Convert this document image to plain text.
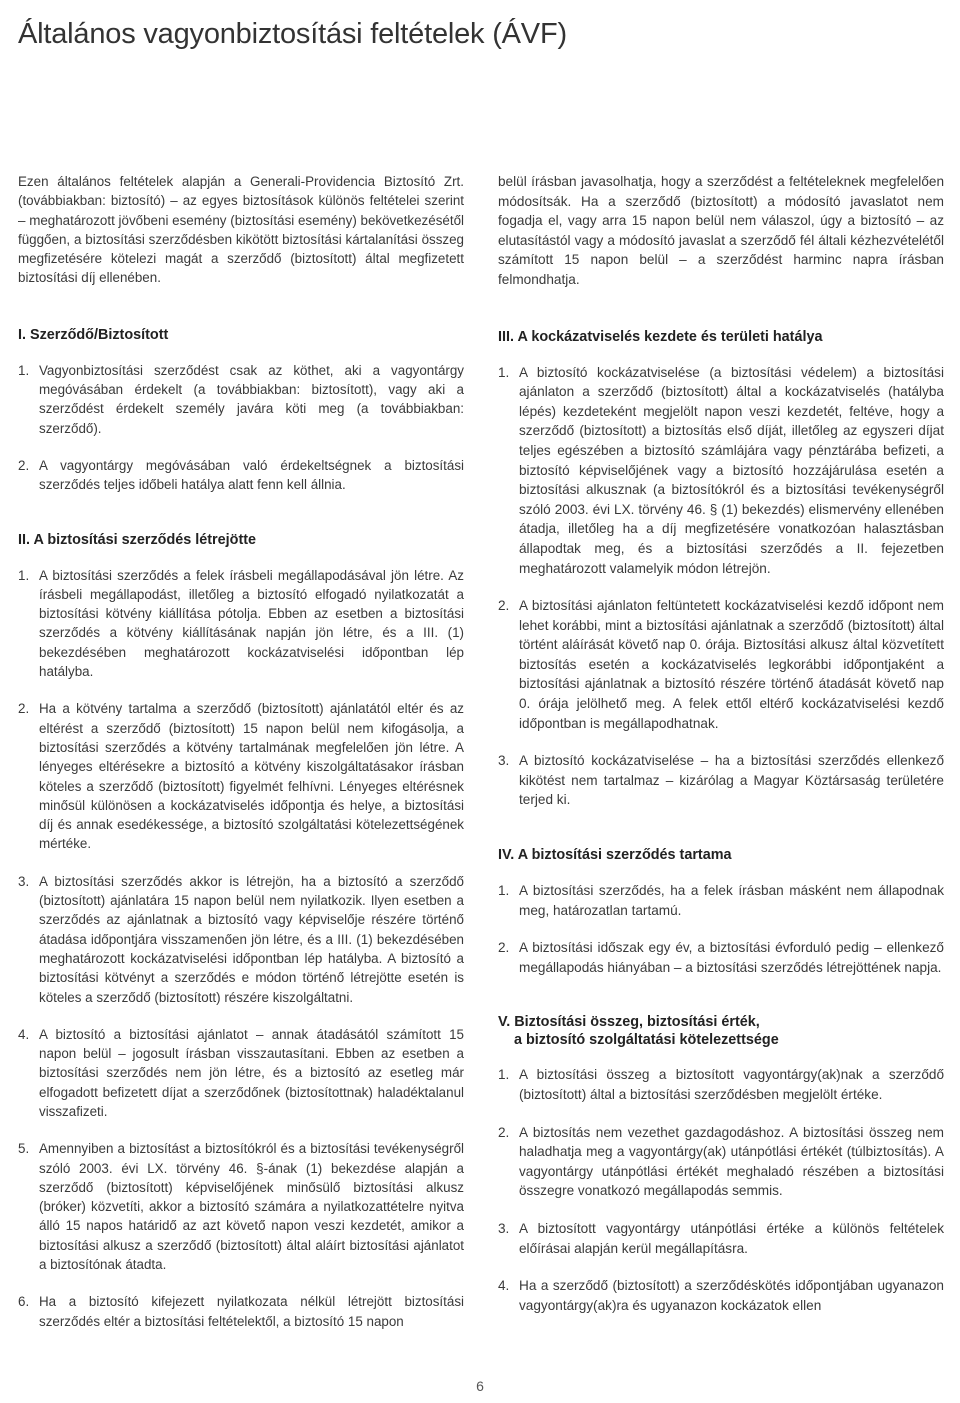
Általános vagyonbiztosítási feltételek (ÁVF)

Ezen általános feltételek alapján a Generali-Providencia Biztosító Zrt. (továbbiakban: biztosító) – az egyes biztosítások különös feltételei szerint – meghatározott jövőbeni esemény (biztosítási esemény) bekövetkezésétől függően, a biztosítási szerződésben kikötött biztosítási kártalanítási összeg megfizetésére kötelezi magát a szerződő (biztosított) által megfizetett biztosítási díj ellenében.

I. Szerződő/Biztosított
1. Vagyonbiztosítási szerződést csak az köthet, aki a vagyontárgy megóvásában érdekelt (a továbbiakban: biztosított), vagy aki a szerződést érdekelt személy javára köti meg (a továbbiakban: szerződő).
2. A vagyontárgy megóvásában való érdekeltségnek a biztosítási szerződés teljes időbeli hatálya alatt fenn kell állnia.
II. A biztosítási szerződés létrejötte
1. A biztosítási szerződés a felek írásbeli megállapodásával jön létre. Az írásbeli megállapodást, illetőleg a biztosító elfogadó nyilatkozatát a biztosítási kötvény kiállítása pótolja. Ebben az esetben a biztosítási szerződés a kötvény kiállításának napján jön létre, és a III. (1) bekezdésében meghatározott kockázatviselési időpontban lép hatályba.
2. Ha a kötvény tartalma a szerződő (biztosított) ajánlatától eltér és az eltérést a szerződő (biztosított) 15 napon belül nem kifogásolja, a biztosítási szerződés a kötvény tartalmának megfelelően jön létre. A lényeges eltérésekre a biztosító a kötvény kiszolgáltatásakor írásban köteles a szerződő (biztosított) figyelmét felhívni. Lényeges eltérésnek minősül különösen a kockázatviselés időpontja és helye, a biztosítási díj és annak esedékessége, a biztosító szolgáltatási kötelezettségének mértéke.
3. A biztosítási szerződés akkor is létrejön, ha a biztosító a szerződő (biztosított) ajánlatára 15 napon belül nem nyilatkozik. Ilyen esetben a szerződés az ajánlatnak a biztosító vagy képviselője részére történő átadása időpontjára visszamenően jön létre, és a III. (1) bekezdésében meghatározott kockázatviselési időpontban lép hatályba. A biztosító a biztosítási kötvényt a szerződés e módon történő létrejötte esetén is köteles a szerződő (biztosított) részére kiszolgáltatni.
4. A biztosító a biztosítási ajánlatot – annak átadásától számított 15 napon belül – jogosult írásban visszautasítani. Ebben az esetben a biztosítási szerződés nem jön létre, és a biztosító az esetleg már elfogadott befizetett díjat a szerződőnek (biztosítottnak) haladéktalanul visszafizeti.
5. Amennyiben a biztosítást a biztosítókról és a biztosítási tevékenységről szóló 2003. évi LX. törvény 46. §-ának (1) bekezdése alapján a szerződő (biztosított) képviselőjének minősülő biztosítási alkusz (bróker) közvetíti, akkor a biztosító számára a nyilatkozattételre nyitva álló 15 napos határidő az azt követő napon veszi kezdetét, amikor a biztosítási alkusz a szerződő (biztosított) által aláírt biztosítási ajánlatot a biztosítónak átadta.
6. Ha a biztosító kifejezett nyilatkozata nélkül létrejött biztosítási szerződés eltér a biztosítási feltételektől, a biztosító 15 napon

belül írásban javasolhatja, hogy a szerződést a feltételeknek megfelelően módosítsák. Ha a szerződő (biztosított) a módosító javaslatot nem fogadja el, vagy arra 15 napon belül nem válaszol, úgy a biztosító – az elutasítástól vagy a módosító javaslat a szerződő fél általi kézhezvételétől számított 15 napon belül – a szerződést harminc napra írásban felmondhatja.

III. A kockázatviselés kezdete és területi hatálya
1. A biztosító kockázatviselése (a biztosítási védelem) a biztosítási ajánlaton a szerződő (biztosított) által a kockázatviselés (hatályba lépés) kezdeteként megjelölt napon veszi kezdetét, feltéve, hogy a szerződő (biztosított) a biztosítás első díját, illetőleg az egyszeri díjat teljes egészében a biztosító számlájára vagy pénztárába befizeti, a biztosító képviselőjének vagy a biztosító hozzájárulása esetén a biztosítási alkusznak (a biztosítókról és a biztosítási tevékenységről szóló 2003. évi LX. törvény 46. § (1) bekezdés) elismervény ellenében átadja, illetőleg ha a díj megfizetésére vonatkozóan halasztásban állapodtak meg, és a biztosítási szerződés a II. fejezetben meghatározott valamelyik módon létrejön.
2. A biztosítási ajánlaton feltüntetett kockázatviselési kezdő időpont nem lehet korábbi, mint a biztosítási ajánlatnak a szerződő (biztosított) által történt aláírását követő nap 0. órája. Biztosítási alkusz által közvetített biztosítás esetén a kockázatviselés legkorábbi időpontjaként a biztosítási ajánlatnak a biztosító részére történő átadását követő nap 0. órája jelölhető meg. A felek ettől eltérő kockázatviselési kezdő időpontban is megállapodhatnak.
3. A biztosító kockázatviselése – ha a biztosítási szerződés ellenkező kikötést nem tartalmaz – kizárólag a Magyar Köztársaság területére terjed ki.
IV. A biztosítási szerződés tartama
1. A biztosítási szerződés, ha a felek írásban másként nem állapodnak meg, határozatlan tartamú.
2. A biztosítási időszak egy év, a biztosítási évforduló pedig – ellenkező megállapodás hiányában – a biztosítási szerződés létrejöttének napja.
V. Biztosítási összeg, biztosítási érték,
a biztosító szolgáltatási kötelezettsége
1. A biztosítási összeg a biztosított vagyontárgy(ak)nak a szerződő (biztosított) által a biztosítási szerződésben megjelölt értéke.
2. A biztosítás nem vezethet gazdagodáshoz. A biztosítási összeg nem haladhatja meg a vagyontárgy(ak) utánpótlási értékét (túlbiztosítás). A vagyontárgy utánpótlási értékét meghaladó részében a biztosítási összegre vonatkozó megállapodás semmis.
3. A biztosított vagyontárgy utánpótlási értéke a különös feltételek előírásai alapján kerül megállapításra.
4. Ha a szerződő (biztosított) a szerződéskötés időpontjában ugyanazon vagyontárgy(ak)ra és ugyanazon kockázatok ellen
6
